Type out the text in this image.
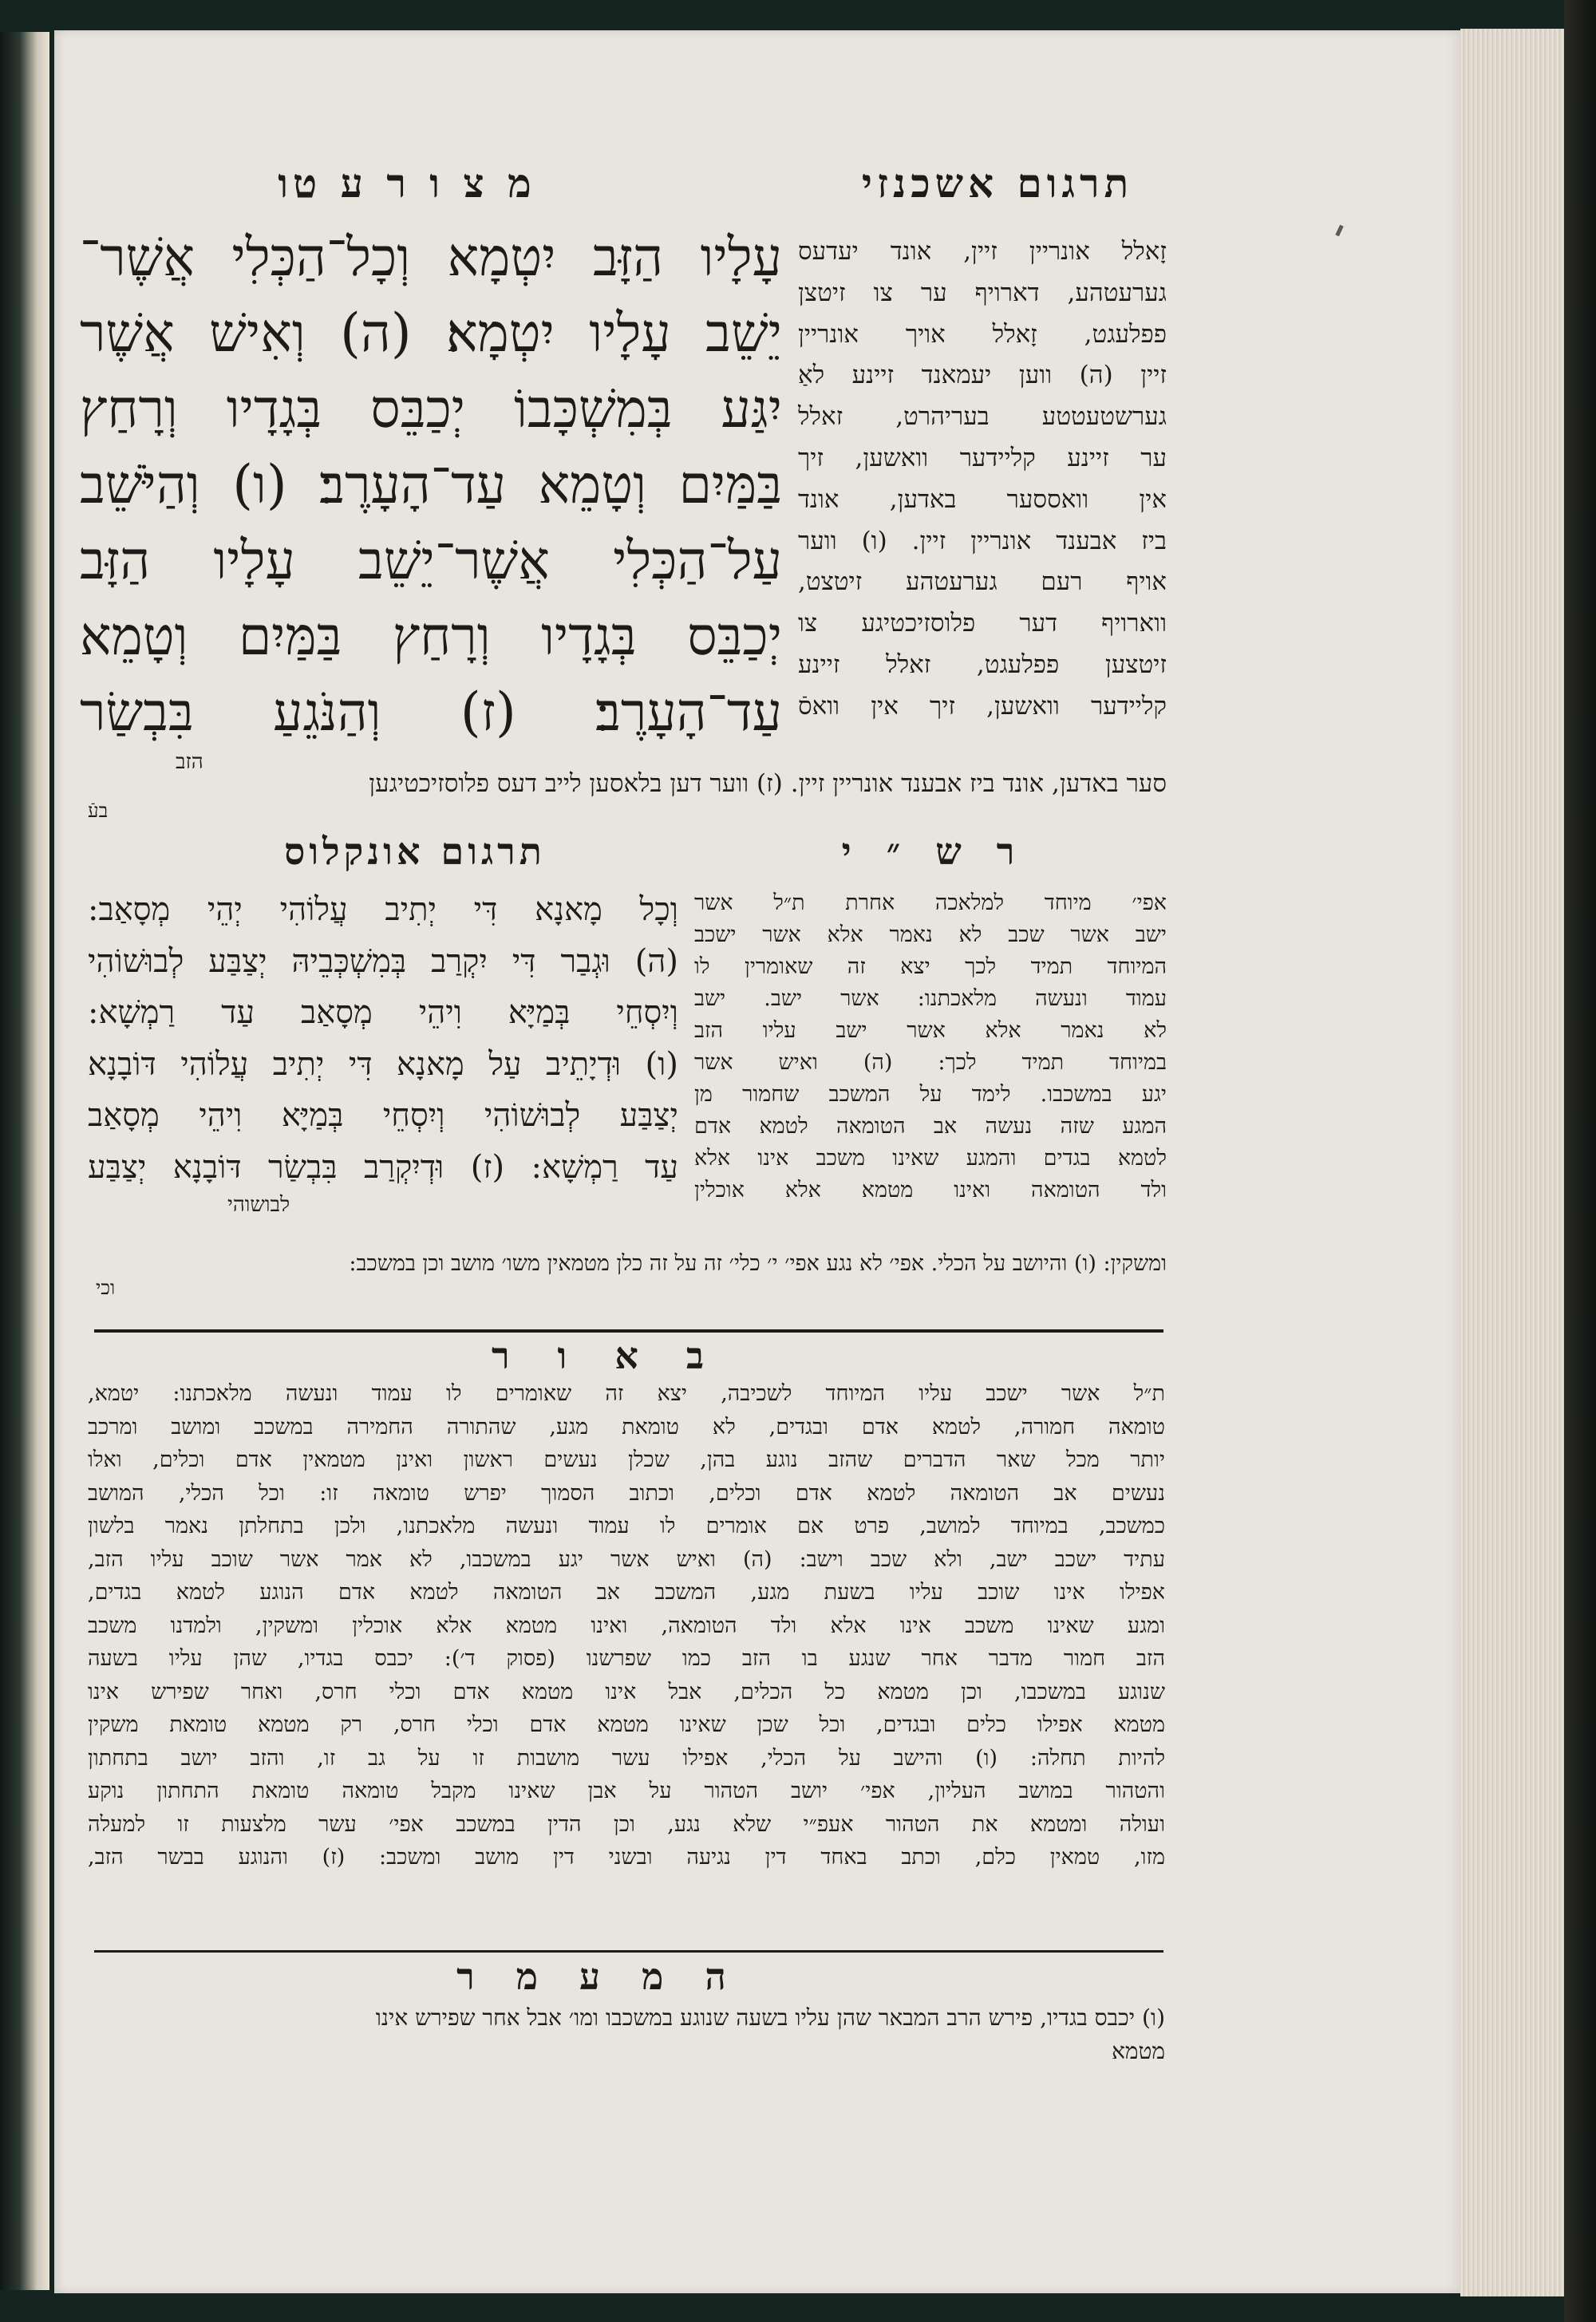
מ צ ו ר ע טו	תרגום אשכנזי
עָלָיו הַזָּב יִטְמָא וְכָל־הַכְּלִי אֲשֶׁר־
יֵשֵׁב עָלָיו יִטְמָא׃ (ה) וְאִישׁ אֲשֶׁר
יִגַּע בְּמִשְׁכָּבוֹ יְכַבֵּס בְּגָדָיו וְרָחַץ
בַּמַּיִם וְטָמֵא עַד־הָעָרֶב׃ (ו) וְהַיֹּשֵׁב
עַל־הַכְּלִי אֲשֶׁר־יֵשֵׁב עָלָיו הַזָּב
יְכַבֵּס בְּגָדָיו וְרָחַץ בַּמַּיִם וְטָמֵא
עַד־הָעָרֶב׃ (ז) וְהַנֹּגֵעַ בִּבְשַׂר
הזב
זָאלל אונריין זיין, אונד יעדעס
גערעטהע, דארויף ער צו זיטצן
פפלעגט, זָאלל אויך אונריין
זיין (ה) ווען יעמאנד זיינע לאַ
גערשטעטטע בעריהרט, זאלל
ער זיינע קליידער וואשען, זיך
אין וואססער באדען, אונד
ביז אבענד אונריין זיין. (ו) ווער
אויף רעם גערעטהע זיטצט,
ווארויף דער פלוסזיכטיגע צו
זיטצען פפלעגט, זאלל זיינע
קליידער וואשען, זיך אין וואסֿ
סער באדען, אונד ביז אבענד אונריין זיין. (ז) ווער דען בלאסען לייב דעס פלוסזיכטיגען
בעֿ
תרגום אונקלוס	ר ש ״ י
וְכָל מָאנָא דִּי יְתִיב עֲלוֹהִי יְהֵי מְסָאַב:
(ה) וּגְבַר דִּי יִקְרַב בְּמִשְׁכְּבֵיהּ יְצַבַּע לְבוּשׁוֹהִי
וְיִסְחֵי בְּמַיָּא וִיהֵי מְסָאַב עַד רַמְשָׁא:
(ו) וּדְיָתֵיב עַל מָאנָא דִּי יְתִיב עֲלוֹהִי דּוֹבָנָא
יְצַבַּע לְבוּשׁוֹהִי וְיִסְחֵי בְּמַיָּא וִיהֵי מְסָאַב
עַד רַמְשָׁא: (ז) וּדְיִקְרַב בִּבְשַׂר דּוֹבָנָא יְצַבַּע
לבושוהי
אפי׳ מיוחד למלאכה אחרת ת״ל אשר
ישב אשר שכב לא נאמר אלא אשר ישכב
המיוחד תמיד לכך יצא זה שאומרין לו
עמוד ונעשה מלאכתנו: אשר ישב. ישב
לא נאמר אלא אשר ישב עליו הזב
במיוחד תמיד לכך: (ה) ואיש אשר
יגע במשכבו. לימד על המשכב שחמור מן
המגע שזה נעשה אב הטומאה לטמא אדם
לטמא בגדים והמגע שאינו משכב אינו אלא
ולד הטומאה ואינו מטמא אלא אוכלין
ומשקין: (ו) והיושב על הכלי. אפי׳ לא נגע אפי׳ י׳ כלי׳ זה על זה כלן מטמאין משו׳ מושב וכן במשכב:
וכי
ב א ו ר
ת״ל אשר ישכב עליו המיוחד לשכיבה, יצא זה שאומרים לו עמוד ונעשה מלאכתנו: יטמא,
טומאה חמורה, לטמא אדם ובגדים, לא טומאת מגע, שהתורה החמירה במשכב ומושב ומרכב
יותר מכל שאר הדברים שהזב נוגע בהן, שכלן נעשים ראשון ואינן מטמאין אדם וכלים, ואלו
נעשים אב הטומאה לטמא אדם וכלים, וכתוב הסמוך יפרש טומאה זו: וכל הכלי, המושב
כמשכב, במיוחד למושב, פרט אם אומרים לו עמוד ונעשה מלאכתנו, ולכן בתחלתן נאמר בלשון
עתיד ישכב ישב, ולא שכב וישב: (ה) ואיש אשר יגע במשכבו, לא אמר אשר שוכב עליו הזב,
אפילו אינו שוכב עליו בשעת מגע, המשכב אב הטומאה לטמא אדם הנוגע לטמא בגדים,
ומגע שאינו משכב אינו אלא ולד הטומאה, ואינו מטמא אלא אוכלין ומשקין, ולמדנו משכב
הזב חמור מדבר אחר שנגע בו הזב כמו שפרשנו (פסוק ד׳): יכבס בגדיו, שהן עליו בשעה
שנוגע במשכבו, וכן מטמא כל הכלים, אבל אינו מטמא אדם וכלי חרס, ואחר שפירש אינו
מטמא אפילו כלים ובגדים, וכל שכן שאינו מטמא אדם וכלי חרס, רק מטמא טומאת משקין
להיות תחלה: (ו) והישב על הכלי, אפילו עשר מושבות זו על גב זו, והזב יושב בתחתון
והטהור במושב העליון, אפי׳ יושב הטהור על אבן שאינו מקבל טומאה טומאת התחתון נוקע
ועולה ומטמא את הטהור אעפ״י שלא נגע, וכן הדין במשכב אפי׳ עשר מלצעות זו למעלה
מזו, טמאין כלם, וכתב באחד דין נגיעה ובשני דין מושב ומשכב: (ז) והנוגע בבשר הזב,
ה מ ע מ ר
(ו) יכבס בגדיו, פירש הרב המבאר שהן עליו בשעה שנוגע במשכבו ומו׳ אבל אחר שפירש אינו
מטמא
